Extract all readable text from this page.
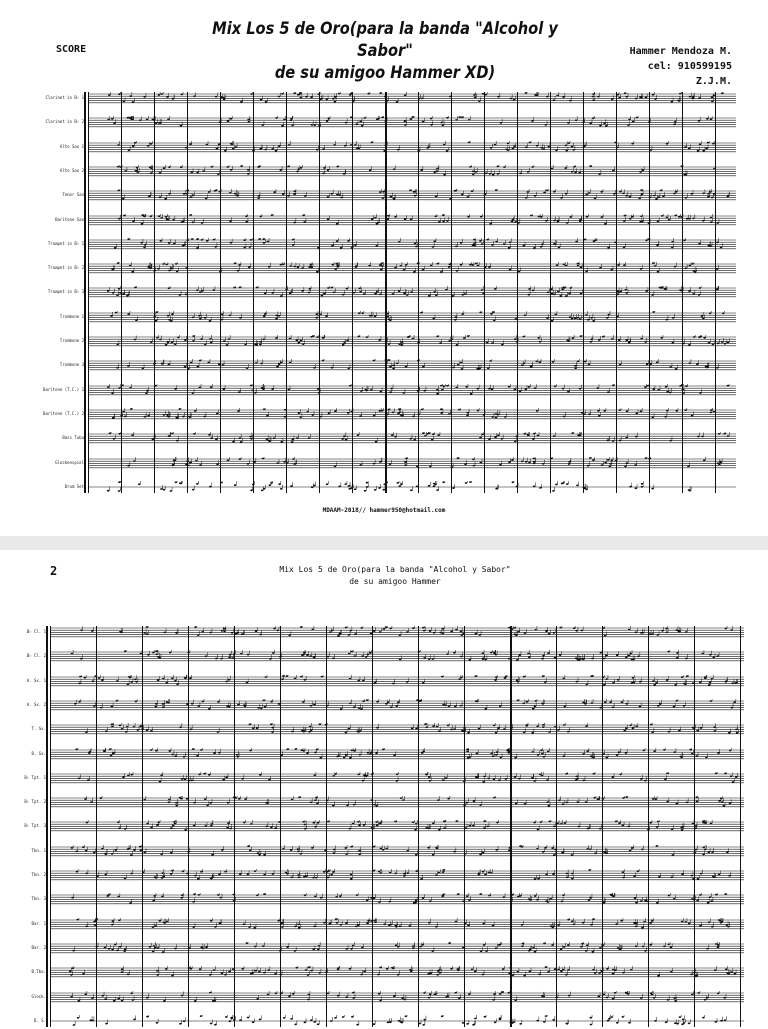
Mix Los 5 de Oro(para la banda "Alcohol y Sabor"
de su amigoo Hammer XD)
SCORE	Hammer Mendoza M.
cel: 910599195
Z.J.M.
Clarinet in B♭ 1
Clarinet in B♭ 2
Alto Sax 1
Alto Sax 2
Tenor Sax
Baritone Sax
Trumpet in B♭ 1
Trumpet in B♭ 2
Trumpet in B♭ 3
Trombone 1
Trombone 2
Trombone 3
Baritone (T.C.) 1
Baritone (T.C.) 2
Bass Tuba
Glockenspiel
Drum Set
MDAAM-2018// hammer950@hotmail.com
2	Mix Los 5 de Oro(para la banda "Alcohol y Sabor"
de su amigoo Hammer
B♭ Cl. 1
B♭ Cl. 2
A. Sx. 1
A. Sx. 2
T. Sx.
B. Sx.
B♭ Tpt. 1
B♭ Tpt. 2
B♭ Tpt. 3
Tbn. 1
Tbn. 2
Tbn. 3
Bar. 1
Bar. 2
B.Tba.
Glock.
D. S.
